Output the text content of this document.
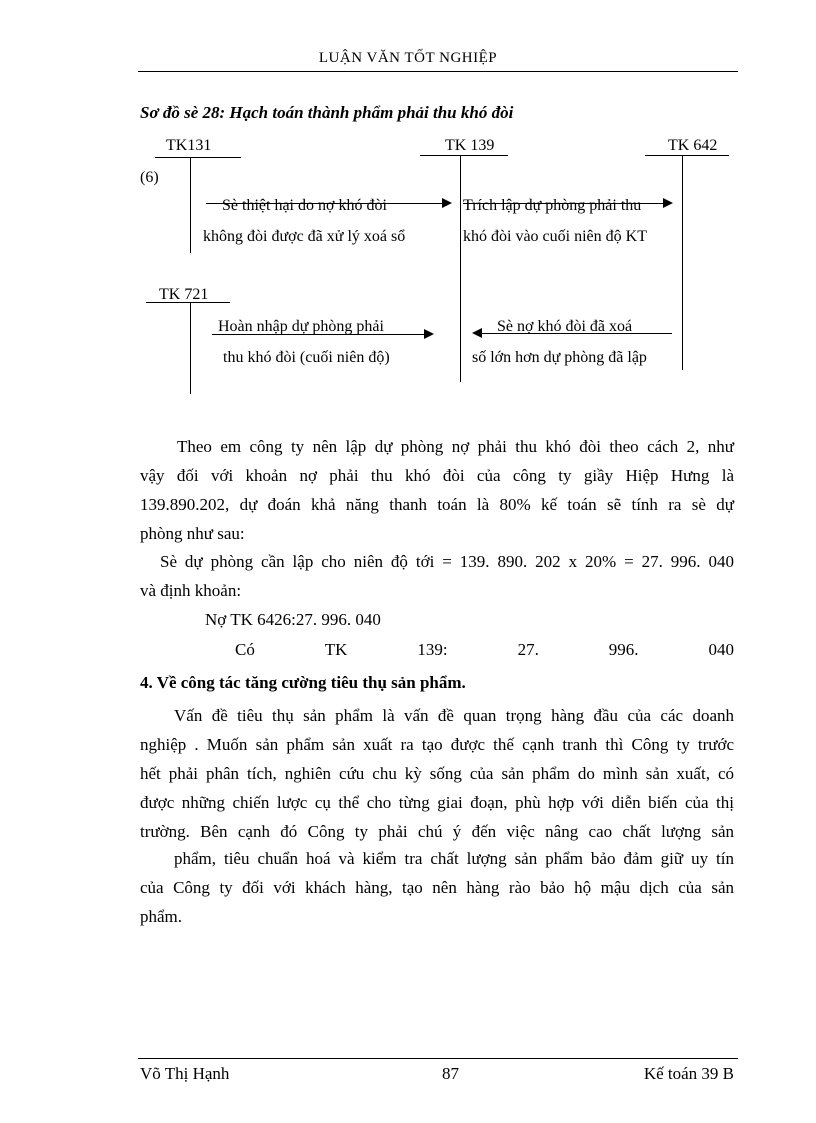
LUẬN VĂN TỐT NGHIỆP
Sơ đồ sè 28: Hạch toán thành phẩm phải thu khó đòi
TK131	TK 139	TK 642
TK 721
(6)
Sè thiệt hại do nợ khó đòi
không đòi được đã xử lý xoá sổ
Trích lập dự phòng phải thu
khó đòi vào cuối niên độ KT
Hoàn nhập dự phòng phải
thu khó đòi (cuối niên độ)
Sè nợ khó đòi đã xoá
số lớn hơn dự phòng đã lập
Theo em công ty nên lập dự phòng nợ phải thu khó đòi theo cách 2, như
vậy đối với khoản nợ phải thu khó đòi của công ty giầy Hiệp Hưng là
139.890.202, dự đoán khả năng thanh toán là 80% kế toán sẽ tính ra sè dự
phòng như sau:
Sè dự phòng cần lập cho niên độ tới = 139. 890. 202 x 20% = 27. 996. 040
và định khoản:
Nợ TK 6426:27. 996. 040
Có	TK	139:	27.	996.	040
4. Về công tác tăng cường tiêu thụ sản phẩm.
Vấn đề tiêu thụ sản phẩm là vấn đề quan trọng hàng đầu của các doanh
nghiệp . Muốn sản phẩm sản xuất ra tạo được thế cạnh tranh thì Công ty trước
hết phải phân tích, nghiên cứu chu kỳ sống của sản phẩm do mình sản xuất, có
được những chiến lược cụ thể cho từng giai đoạn, phù hợp với diễn biến của thị
trường. Bên cạnh đó Công ty phải chú ý đến việc nâng cao chất lượng sản
phẩm, tiêu chuẩn hoá và kiểm tra chất lượng sản phẩm bảo đảm giữ uy tín
của Công ty đối với khách hàng, tạo nên hàng rào bảo hộ mậu dịch của sản
phẩm.
Võ Thị Hạnh	87	Kế toán 39 B
